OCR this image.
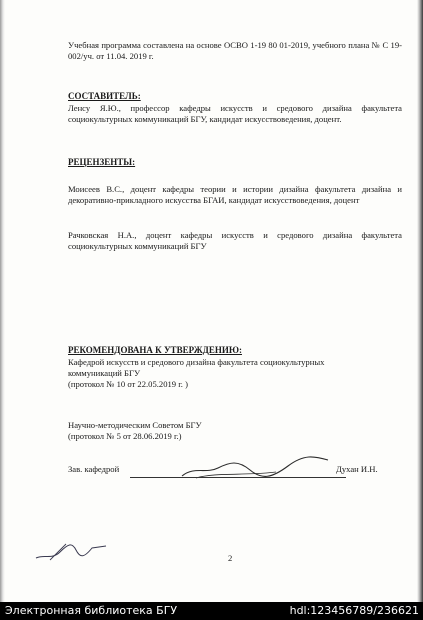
Учебная программа составлена на основе ОСВО 1-19 80 01-2019, учебного плана № С 19-002/уч. от 11.04. 2019 г.

СОСТАВИТЕЛЬ:

Ленсу Я.Ю., профессор кафедры искусств и средового дизайна факультета социокультурных коммуникаций БГУ, кандидат искусствоведения, доцент.

РЕЦЕНЗЕНТЫ:

Моисеев В.С., доцент кафедры теории и истории дизайна факультета дизайна и декоративно-прикладного искусства БГАИ, кандидат искусствоведения, доцент

Рачковская Н.А., доцент кафедры искусств и средового дизайна факультета социокультурных коммуникаций БГУ

РЕКОМЕНДОВАНА К УТВЕРЖДЕНИЮ:

Кафедрой искусств и средового дизайна факультета социокультурных коммуникаций БГУ

(протокол № 10 от 22.05.2019 г. )

Научно-методическим Советом БГУ

(протокол № 5 от 28.06.2019 г.)

Зав. кафедрой	Духан И.Н.
2
Электронная библиотека БГУ	hdl:123456789/236621
